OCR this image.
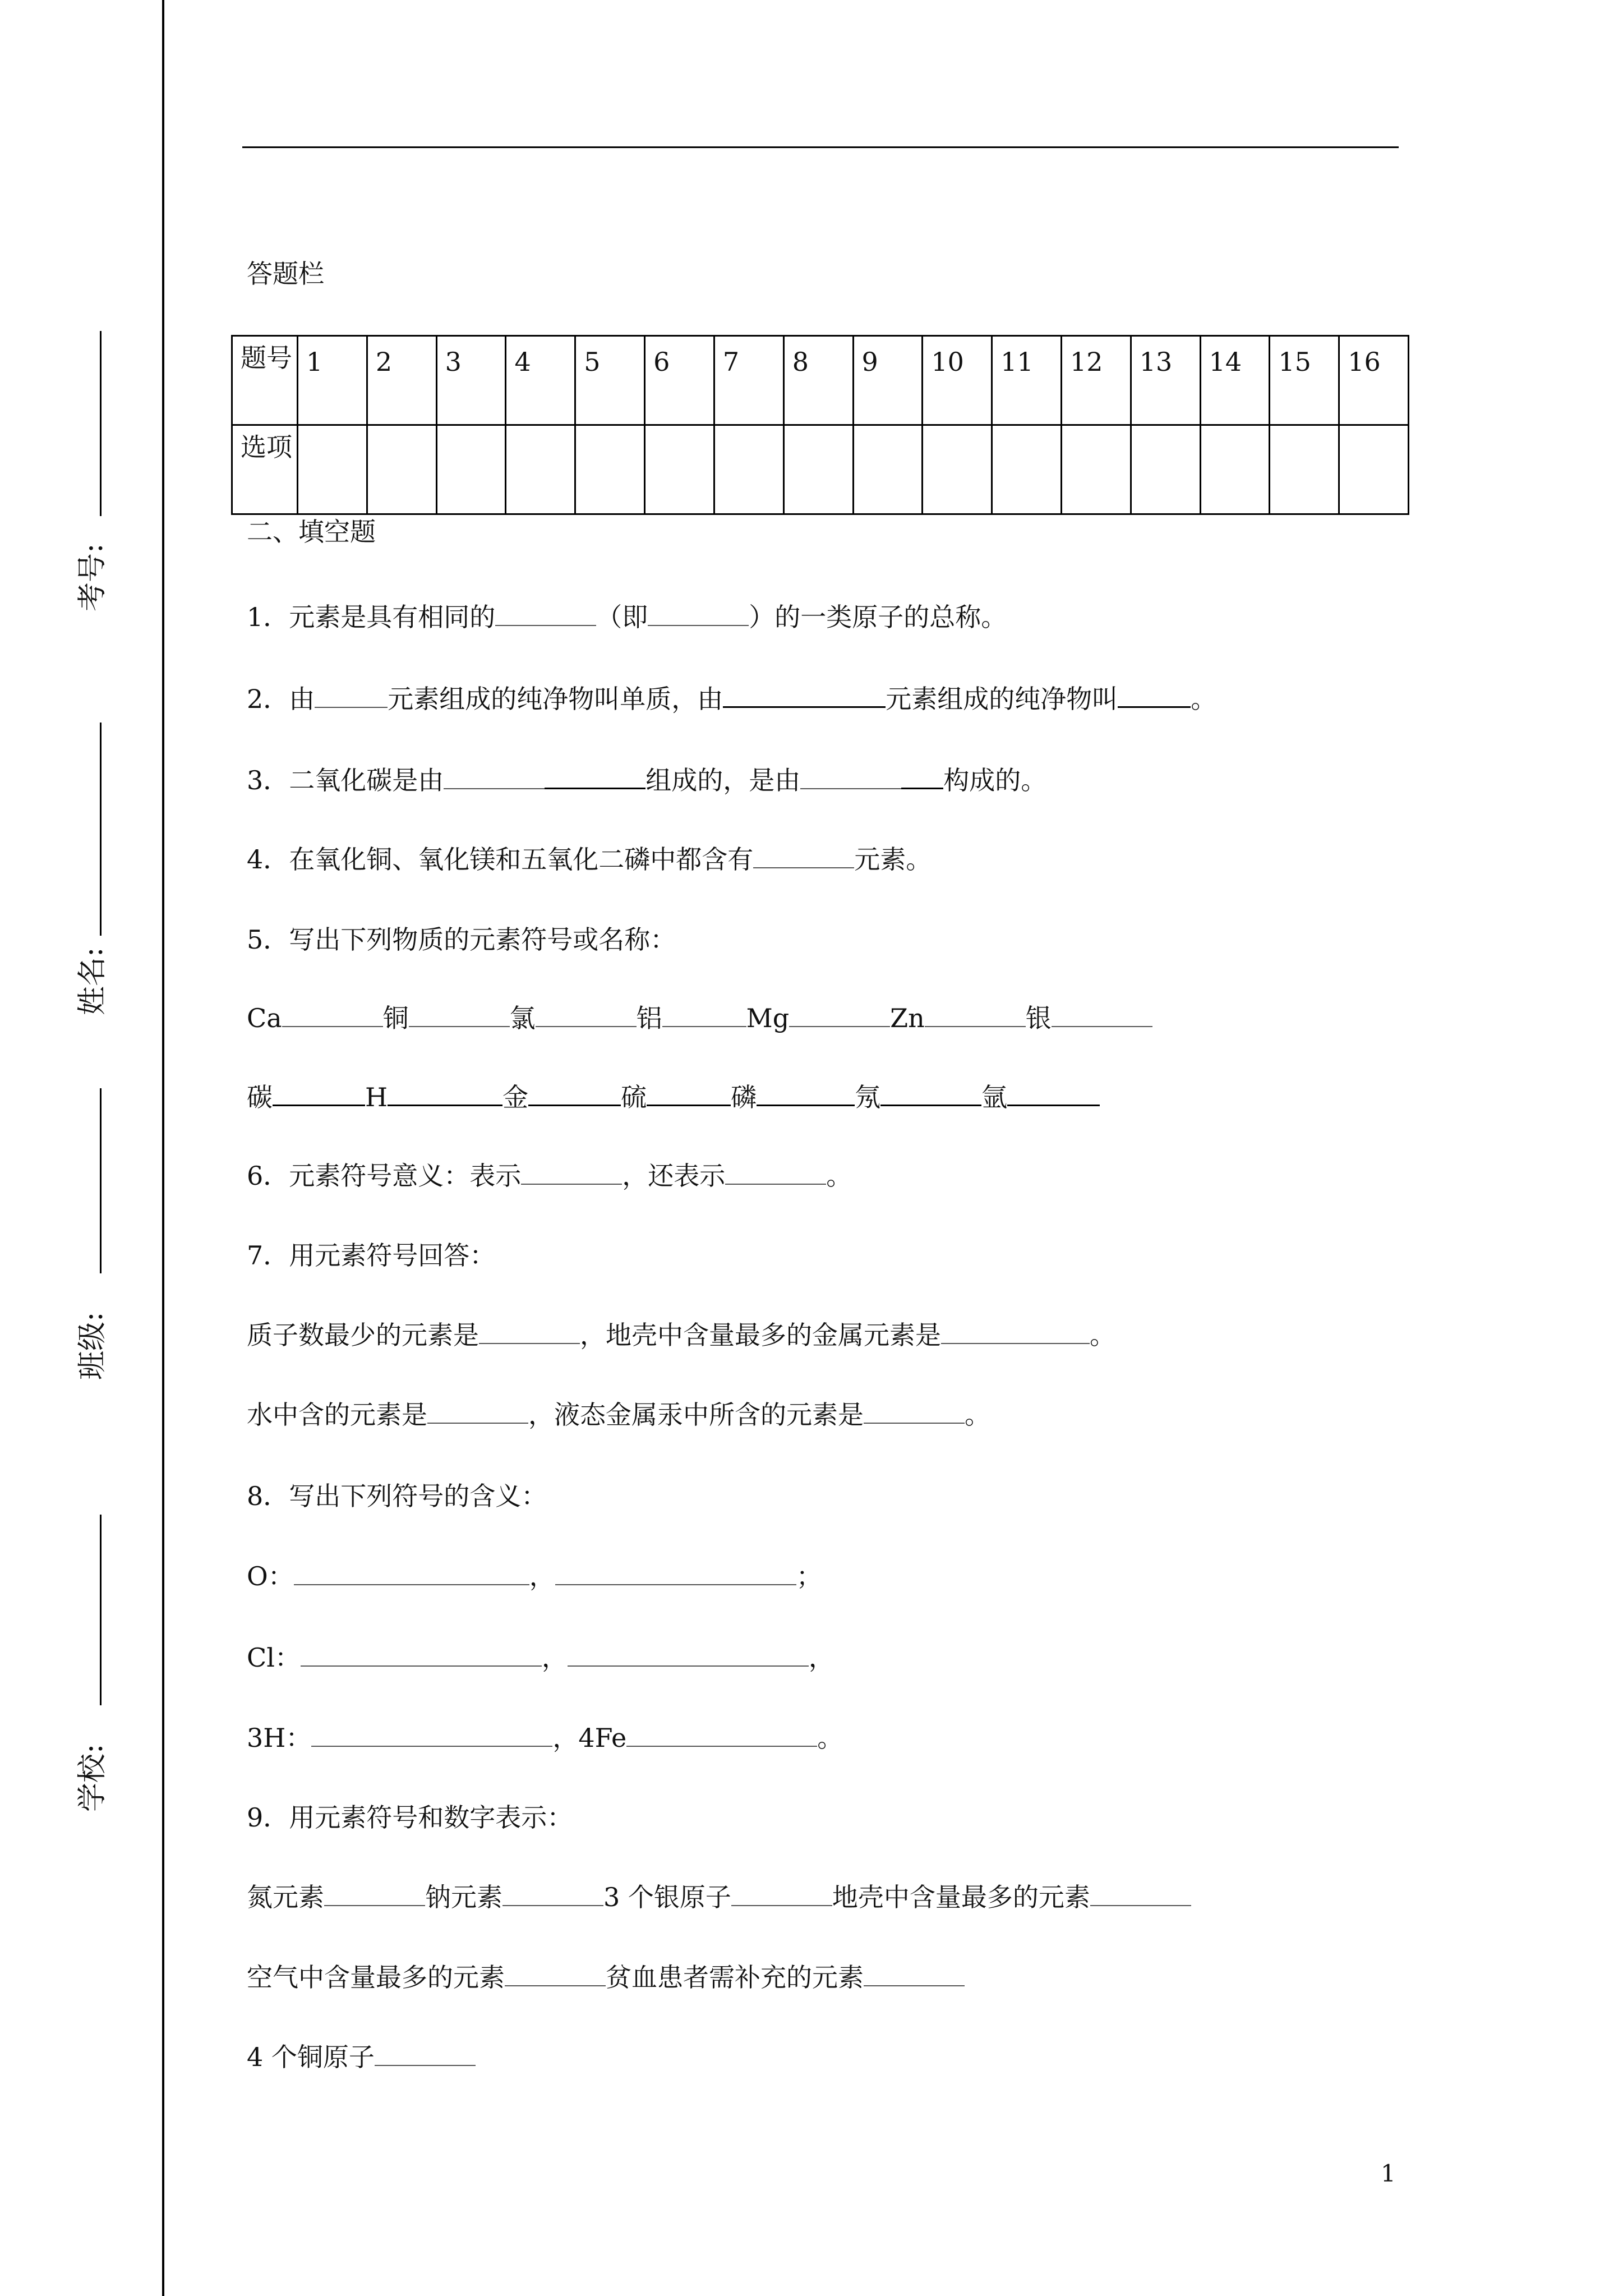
考号:
姓名:
班级:
学校:
答题栏
题号	1	2	3	4	5	6	7	8	9	10	11	12	13	14	15	16
选项																
二、填空题
1．元素是具有相同的	（即	）的一类原子的总称。
2．由	元素组成的纯净物叫单质，由	元素组成的纯净物叫	。
3．二氧化碳是由	组成的，是由	构成的。
4．在氧化铜、氧化镁和五氧化二磷中都含有	元素。
5．写出下列物质的元素符号或名称：
Ca	铜	氯	铝	Mg	Zn	银
碳	H	金	硫	磷	氖	氩
6．元素符号意义：表示	，还表示	。
7．用元素符号回答：
质子数最少的元素是	，地壳中含量最多的金属元素是	。
水中含的元素是	，液态金属汞中所含的元素是	。
8．写出下列符号的含义：
O：	，	；
Cl：	，	，
3H：	，4Fe	。
9．用元素符号和数字表示：
氮元素	钠元素	3 个银原子	地壳中含量最多的元素
空气中含量最多的元素	贫血患者需补充的元素
4 个铜原子
1
